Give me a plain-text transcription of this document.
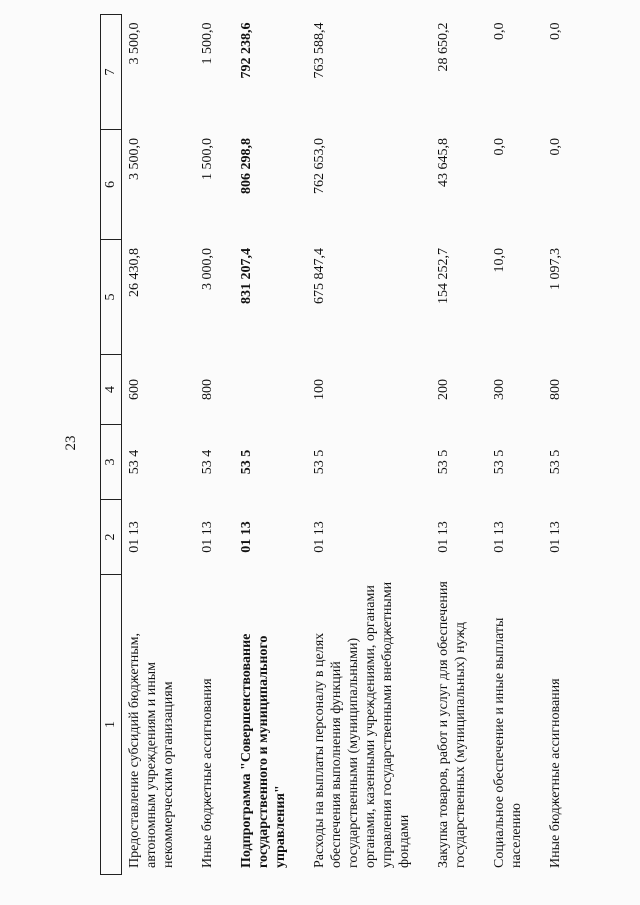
23
1	2	3	4	5	6	7
Предоставление субсидий бюджетным, автономным учреждениям и иным некоммерческим организациям	01 13	53 4	600	26 430,8	3 500,0	3 500,0
Иные бюджетные ассигнования	01 13	53 4	800	3 000,0	1 500,0	1 500,0
Подпрограмма "Совершенствование государственного и муниципального управления"	01 13	53 5		831 207,4	806 298,8	792 238,6
Расходы на выплаты персоналу в целях обеспечения выполнения функций государственными (муниципальными) органами, казенными учреждениями, органами управления государственными внебюджетными фондами	01 13	53 5	100	675 847,4	762 653,0	763 588,4
Закупка товаров, работ и услуг для обеспечения государственных (муниципальных) нужд	01 13	53 5	200	154 252,7	43 645,8	28 650,2
Социальное обеспечение и иные выплаты населению	01 13	53 5	300	10,0	0,0	0,0
Иные бюджетные ассигнования	01 13	53 5	800	1 097,3	0,0	0,0
